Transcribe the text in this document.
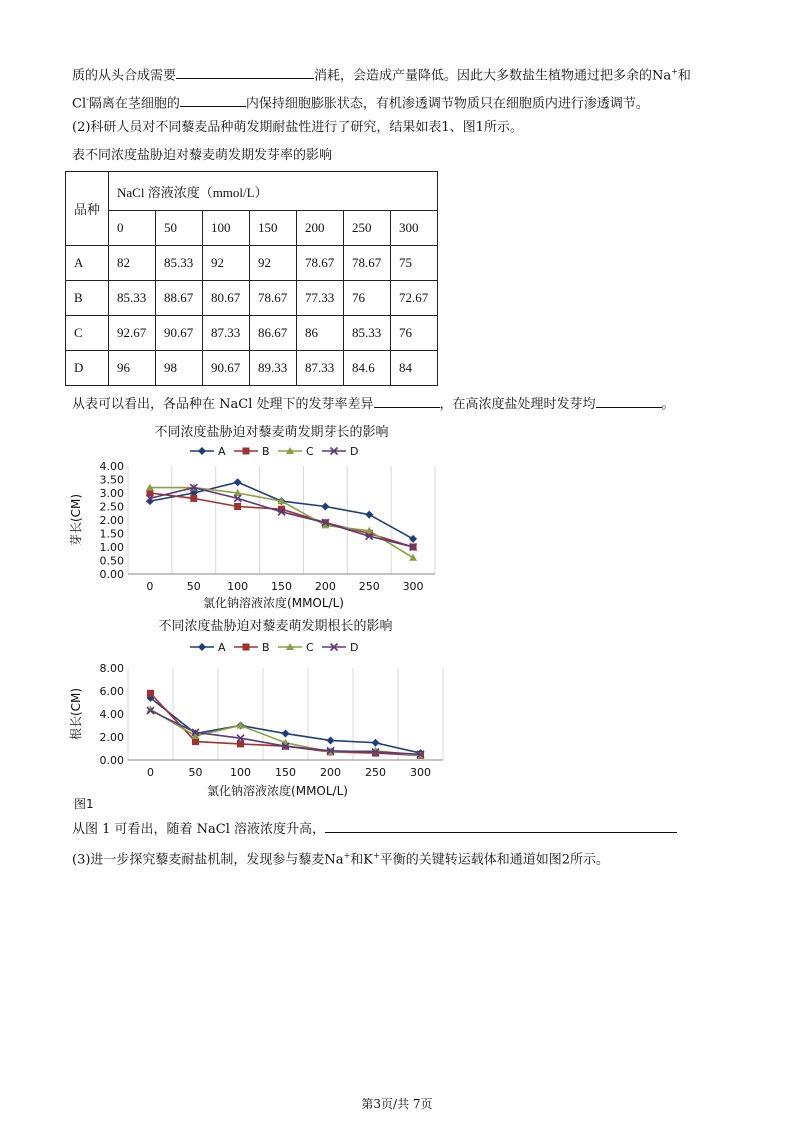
质的从头合成需要	消耗，会造成产量降低。因此大多数盐生植物通过把多余的Na+和
Cl-隔离在茎细胞的	内保持细胞膨胀状态，有机渗透调节物质只在细胞质内进行渗透调节。
(2)科研人员对不同藜麦品种萌发期耐盐性进行了研究，结果如表1、图1所示。
表不同浓度盐胁迫对藜麦萌发期发芽率的影响
品种	NaCl 溶液浓度（mmol/L）						
	0	50	100	150	200	250	300
A	82	85.33	92	92	78.67	78.67	75
B	85.33	88.67	80.67	78.67	77.33	76	72.67
C	92.67	90.67	87.33	86.67	86	85.33	76
D	96	98	90.67	89.33	87.33	84.6	84
从表可以看出，各品种在 NaCl 处理下的发芽率差异	，在高浓度盐处理时发芽均	。
不同浓度盐胁迫对藜麦萌发期芽长的影响
A	B	C	D
0.00
0.50
1.00
1.50
2.00
2.50
3.00
3.50
4.00
0	50 100 150 200 250 300
芽长(CM)
氯化钠溶液浓度(MMOL/L)
不同浓度盐胁迫对藜麦萌发期根长的影响
A	B	C	D
0.00
2.00
4.00
6.00
8.00
0	50	100 150 200 250 300
根长(CM)
氯化钠溶液浓度(MMOL/L)
图1
从图 1 可看出，随着 NaCl 溶液浓度升高，
(3)进一步探究藜麦耐盐机制，发现参与藜麦Na+和K+平衡的关键转运载体和通道如图2所示。
第3页/共 7页
